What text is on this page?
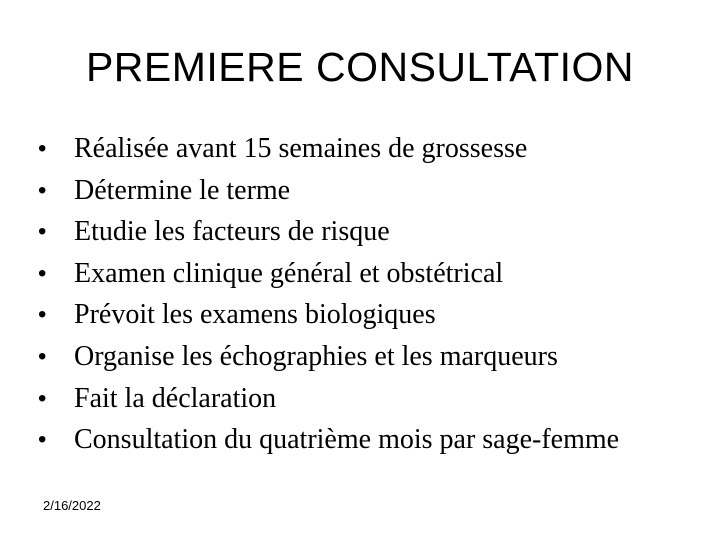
PREMIERE CONSULTATION
• Réalisée avant 15 semaines de grossesse
• Détermine le terme
• Etudie les facteurs de risque
• Examen clinique général et obstétrical
• Prévoit les examens biologiques
• Organise les échographies et les marqueurs
• Fait la déclaration
• Consultation du quatrième mois par sage-femme
2/16/2022
